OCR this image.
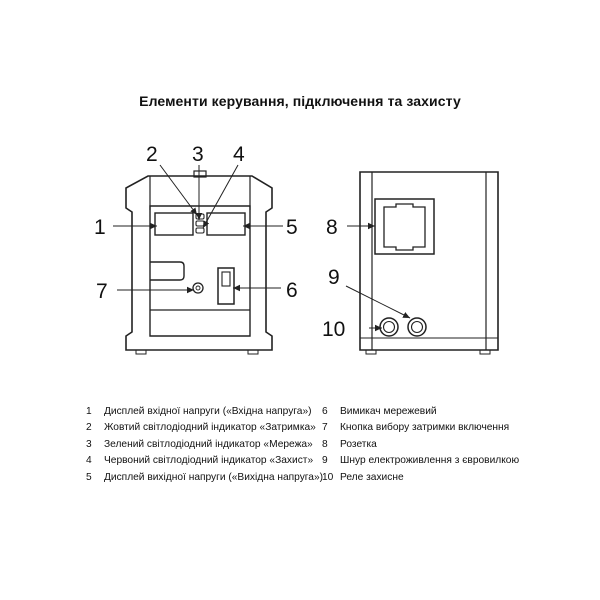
Елементи керування, підключення та захисту
1
2 3 4
5
6
7
8
9
10
1	Дисплей вхідної напруги («Вхідна напруга»)
2	Жовтий світлодіодний індикатор «Затримка»
3	Зелений світлодіодний індикатор «Мережа»
4	Червоний світлодіодний індикатор «Захист»
5	Дисплей вихідної напруги («Вихідна напруга»)
6	Вимикач мережевий
7	Кнопка вибору затримки включення
8	Розетка
9	Шнур електроживлення з євровилкою
10 Реле захисне
